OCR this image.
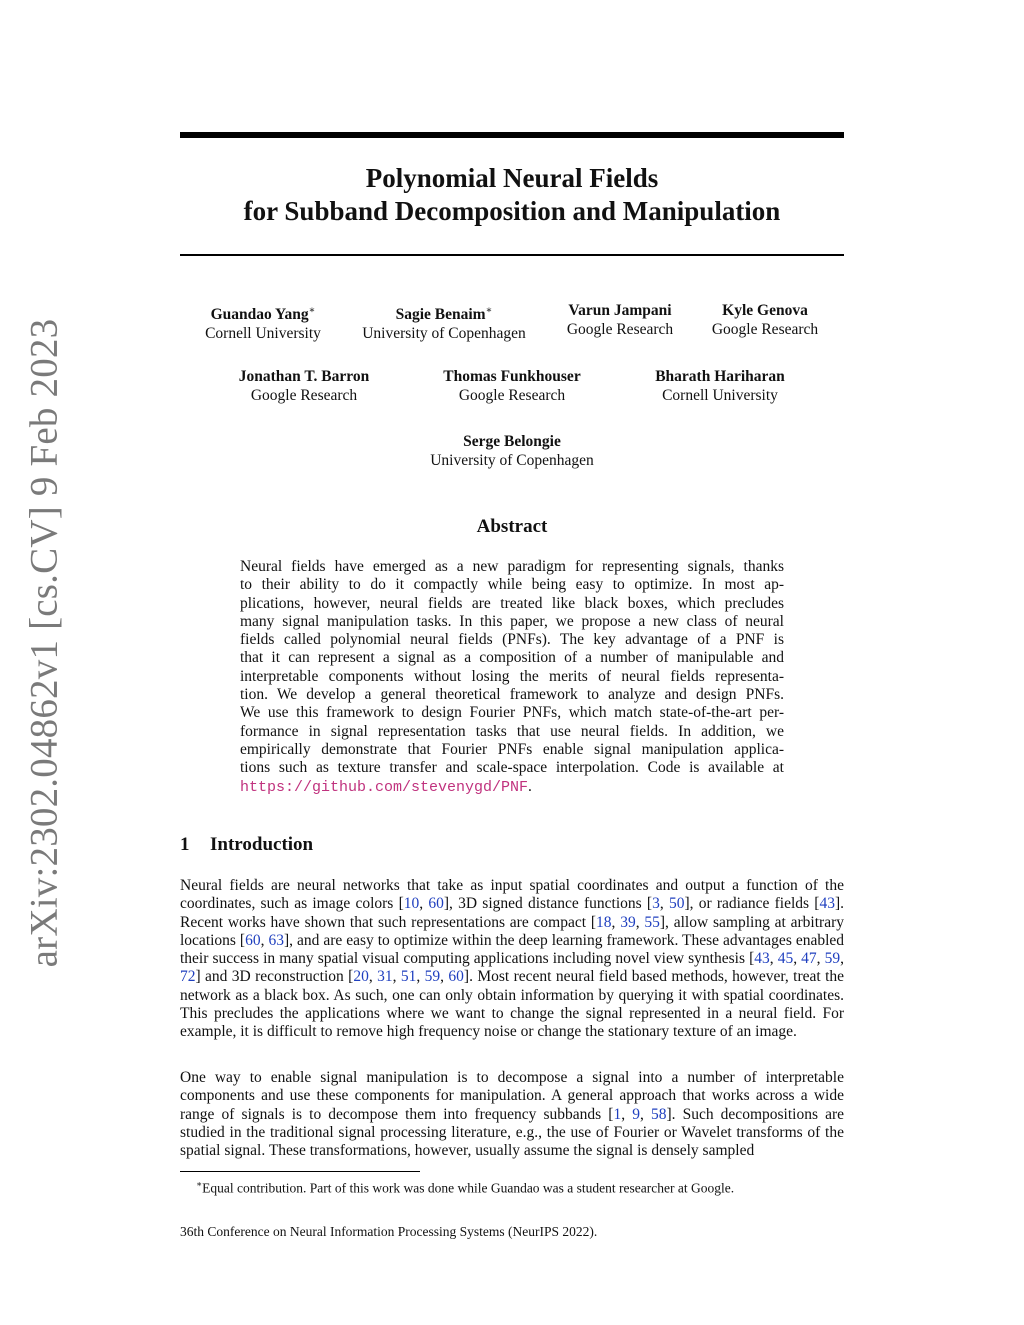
arXiv:2302.04862v1 [cs.CV] 9 Feb 2023
Polynomial Neural Fields
for Subband Decomposition and Manipulation
Guandao Yang∗
Cornell University
Sagie Benaim∗
University of Copenhagen
Varun Jampani
Google Research
Kyle Genova
Google Research
Jonathan T. Barron
Google Research
Thomas Funkhouser
Google Research
Bharath Hariharan
Cornell University
Serge Belongie
University of Copenhagen
Abstract
Neural fields have emerged as a new paradigm for representing signals, thanks
to their ability to do it compactly while being easy to optimize. In most ap-
plications, however, neural fields are treated like black boxes, which precludes
many signal manipulation tasks. In this paper, we propose a new class of neural
fields called polynomial neural fields (PNFs). The key advantage of a PNF is
that it can represent a signal as a composition of a number of manipulable and
interpretable components without losing the merits of neural fields representa-
tion. We develop a general theoretical framework to analyze and design PNFs.
We use this framework to design Fourier PNFs, which match state-of-the-art per-
formance in signal representation tasks that use neural fields. In addition, we
empirically demonstrate that Fourier PNFs enable signal manipulation applica-
tions such as texture transfer and scale-space interpolation. Code is available at
https://github.com/stevenygd/PNF.
1 Introduction
Neural fields are neural networks that take as input spatial coordinates and output a function of the coordinates, such as image colors [10, 60], 3D signed distance functions [3, 50], or radiance fields [43]. Recent works have shown that such representations are compact [18, 39, 55], allow sampling at arbitrary locations [60, 63], and are easy to optimize within the deep learning framework. These advantages enabled their success in many spatial visual computing applications including novel view synthesis [43, 45, 47, 59, 72] and 3D reconstruction [20, 31, 51, 59, 60]. Most recent neural field based methods, however, treat the network as a black box. As such, one can only obtain information by querying it with spatial coordinates. This precludes the applications where we want to change the signal represented in a neural field. For example, it is difficult to remove high frequency noise or change the stationary texture of an image.
One way to enable signal manipulation is to decompose a signal into a number of interpretable components and use these components for manipulation. A general approach that works across a wide range of signals is to decompose them into frequency subbands [1, 9, 58]. Such decompositions are studied in the traditional signal processing literature, e.g., the use of Fourier or Wavelet transforms of the spatial signal. These transformations, however, usually assume the signal is densely sampled
∗Equal contribution. Part of this work was done while Guandao was a student researcher at Google.
36th Conference on Neural Information Processing Systems (NeurIPS 2022).
